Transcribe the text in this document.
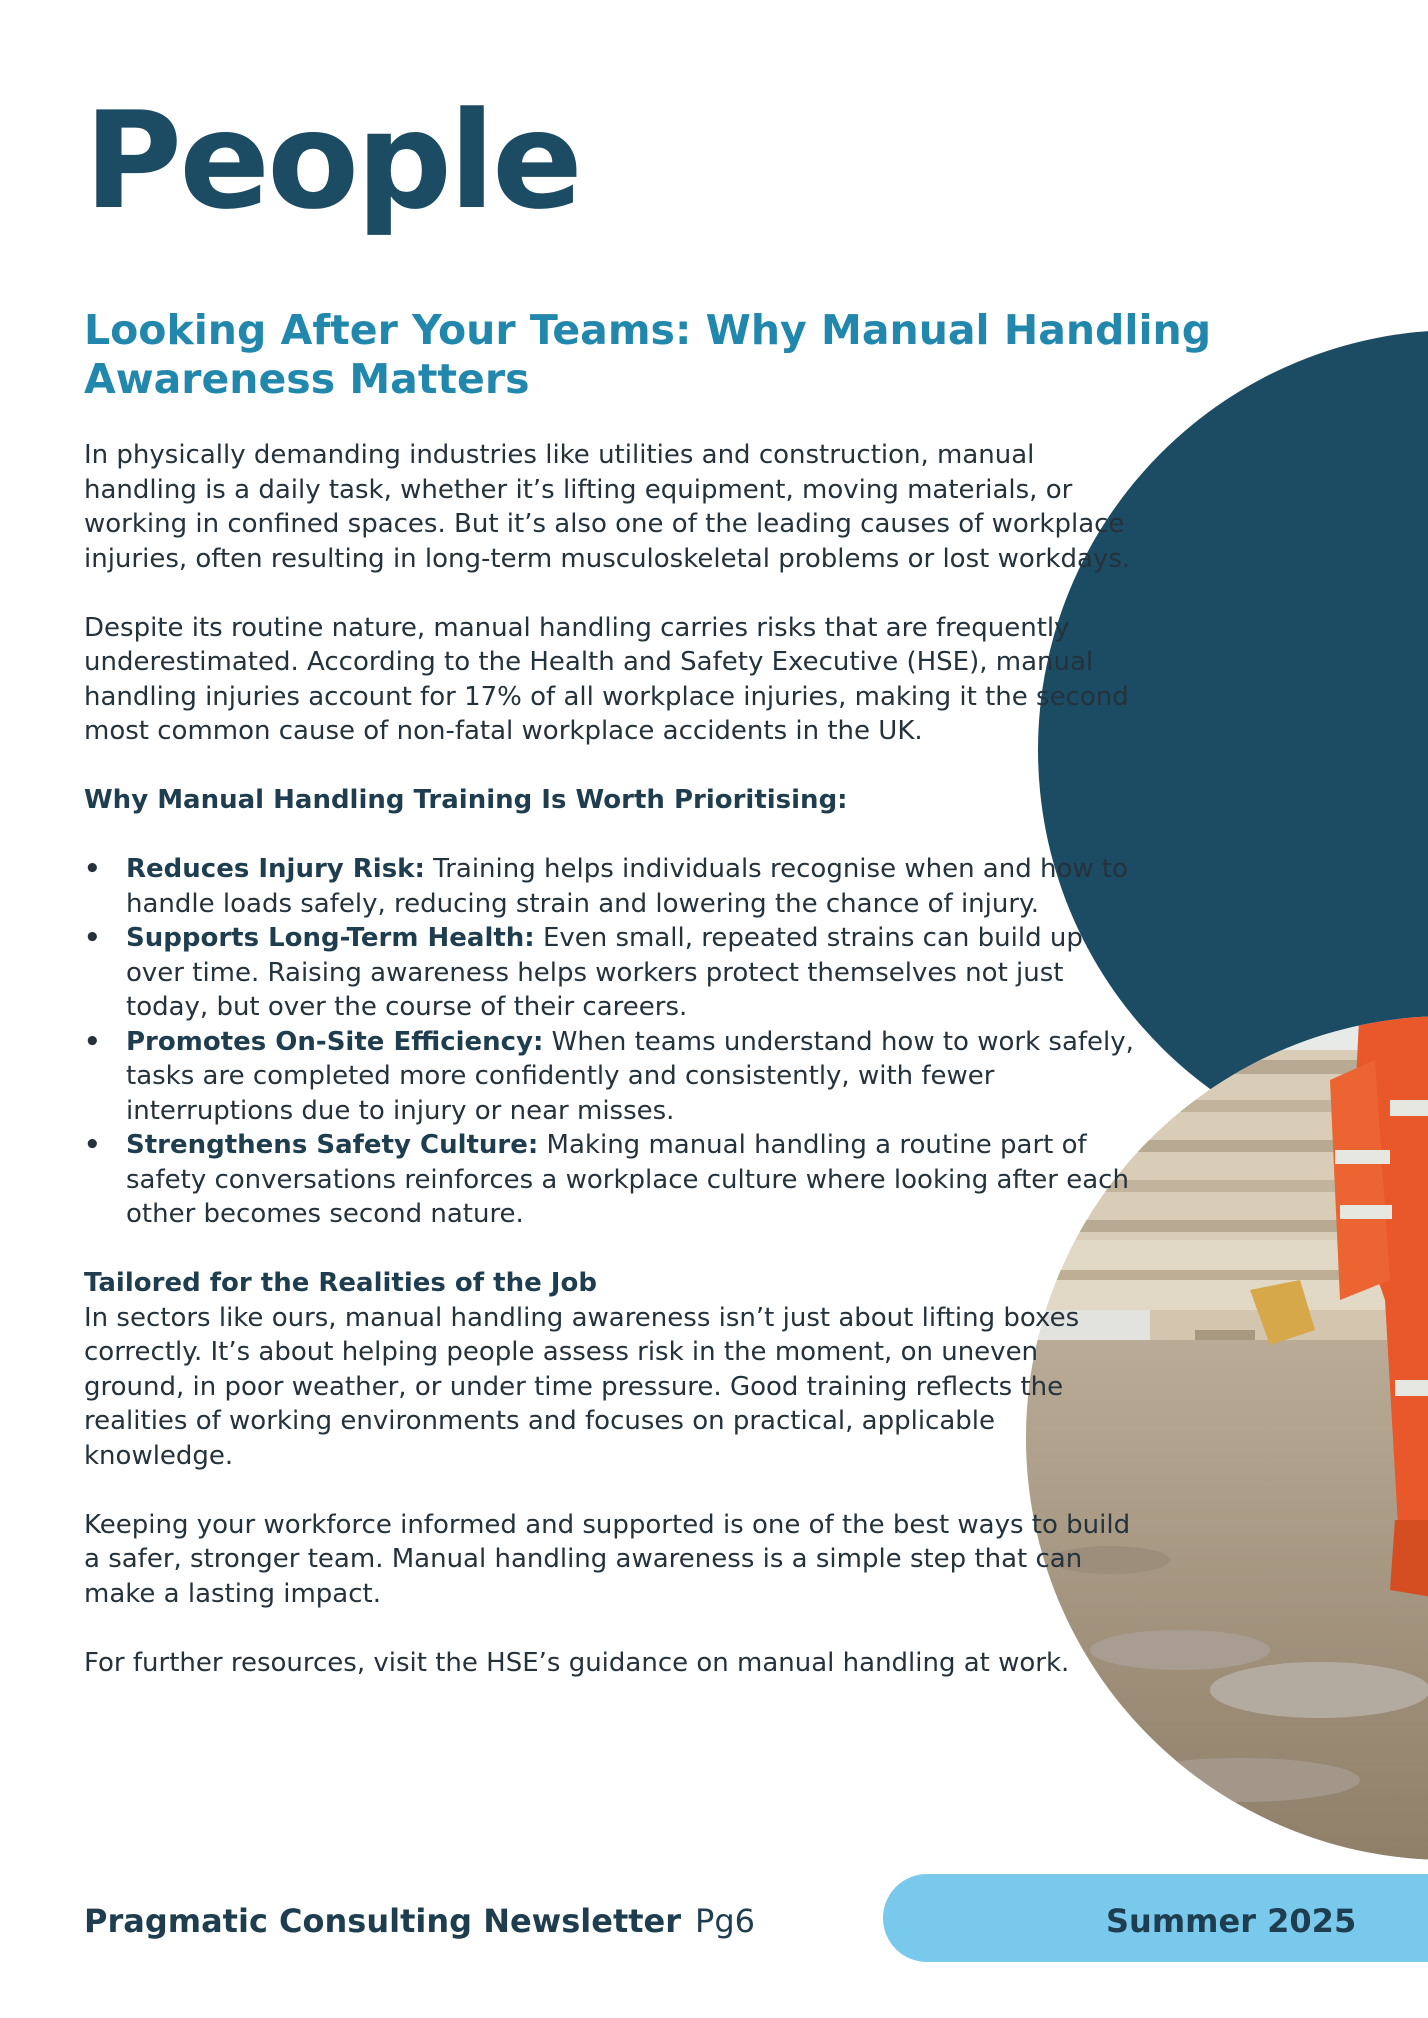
People
Looking After Your Teams: Why Manual Handling Awareness Matters

In physically demanding industries like utilities and construction, manual handling is a daily task, whether it’s lifting equipment, moving materials, or working in confined spaces. But it’s also one of the leading causes of workplace injuries, often resulting in long-term musculoskeletal problems or lost workdays.

Despite its routine nature, manual handling carries risks that are frequently underestimated. According to the Health and Safety Executive (HSE), manual handling injuries account for 17% of all workplace injuries, making it the second most common cause of non-fatal workplace accidents in the UK.

Why Manual Handling Training Is Worth Prioritising:

• Reduces Injury Risk: Training helps individuals recognise when and how to handle loads safely, reducing strain and lowering the chance of injury.
• Supports Long-Term Health: Even small, repeated strains can build up over time. Raising awareness helps workers protect themselves not just today, but over the course of their careers.
• Promotes On-Site Efficiency: When teams understand how to work safely, tasks are completed more confidently and consistently, with fewer interruptions due to injury or near misses.
• Strengthens Safety Culture: Making manual handling a routine part of safety conversations reinforces a workplace culture where looking after each other becomes second nature.

Tailored for the Realities of the Job

In sectors like ours, manual handling awareness isn’t just about lifting boxes correctly. It’s about helping people assess risk in the moment, on uneven ground, in poor weather, or under time pressure. Good training reflects the realities of working environments and focuses on practical, applicable knowledge.

Keeping your workforce informed and supported is one of the best ways to build a safer, stronger team. Manual handling awareness is a simple step that can make a lasting impact.

For further resources, visit the HSE’s guidance on manual handling at work.

Pragmatic Consulting Newsletter Pg6	Summer 2025
